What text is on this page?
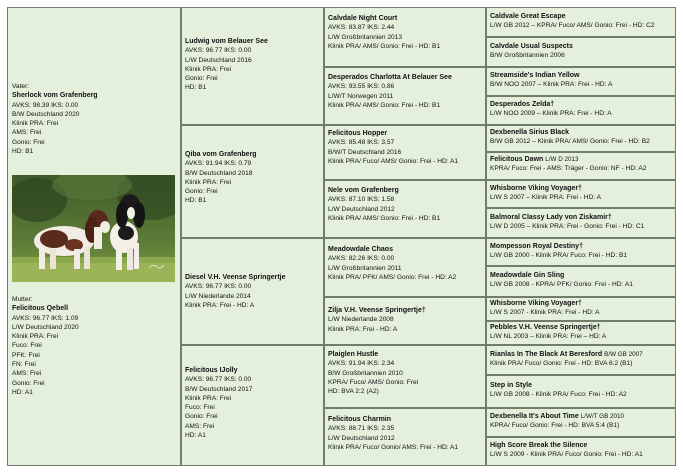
Vater:
Sherlock vom Grafenberg
AVKS: 98.39 IKS: 0.00
B/W Deutschland 2020
Klinik PRA: Frei
AMS: Frei
Gonio: Frei
HD: B1
Mutter:
Felicitous Qebell
AVKS: 96.77 IKS: 1.09
L/W Deutschland 2020
Klinik PRA: Frei
Fuco: Frei
PFK: Frei
FN: Frei
AMS: Frei
Gonio: Frei
HD: A1
Ludwig vom Belauer See
AVKS: 96.77 IKS: 0.00
L/W Deutschland 2016
Klinik PRA: Frei
Gonio: Frei
HD: B1
Qiba vom Grafenberg
AVKS: 91.94 IKS: 0.79
B/W Deutschland 2018
Klinik PRA: Frei
Gonio: Frei
HD: B1
Diesel V.H. Veense Springertje
AVKS: 96.77 IKS: 0.00
L/W Niederlande 2014
Klinik PRA: Frei - HD: A
Felicitous IJolly
AVKS: 96.77 IKS: 0.00
B/W Deutschland 2017
Klinik PRA: Frei
Fuco: Frei
Gonio: Frei
AMS: Frei
HD: A1
Calvdale Night Court
AVKS: 83.87 IKS: 2.44
L/W Großbritannien 2013
Klinik PRA/ AMS/ Gonio: Frei - HD: B1
Desperados Charlotta At Belauer See
AVKS: 93.55 IKS: 0.86
L/W/T Norwegen 2011
Klinik PRA/ AMS/ Gonio: Frei - HD: B1
Felicitous Hopper
AVKS: 85.48 IKS: 3.57
B/W/T Deutschland 2016
Klinik PRA/ Fuco/ AMS/ Gonio: Frei - HD: A1
Nele vom Grafenberg
AVKS: 87.10 IKS: 1.58
L/W Deutschland 2012
Klinik PRA/ AMS/ Gonio: Frei - HD: B1
Meadowdale Chaos
AVKS: 82.26 IKS: 0.00
L/W Großbritannien 2011
Klinik PRA/ PFK/ AMS/ Gonio: Frei - HD: A2
Zilja V.H. Veense Springertje†
L/W Niederlande 2008
Klinik PRA: Frei - HD: A
Plaiglen Hustle
AVKS: 91.94 IKS: 2.34
B/W Großbritannien 2010
KPRA/ Fuco/ AMS/ Gonio: Frei
HD: BVA 2:2 (A2)
Felicitous Charmin
AVKS: 88.71 IKS: 2.35
L/W Deutschland 2012
Klinik PRA/ Fuco/ Gonio/ AMS: Frei - HD: A1
Caldvale Great Escape
L/W GB 2012 – KPRA/ Fuco/ AMS/ Gonio: Frei - HD: C2
Calvdale Usual Suspects
B/W Großbritannien 2006
Streamside's Indian Yellow
B/W NOO 2007 – Klinik PRA: Frei - HD: A
Desperados Zelda†
L/W NOO 2009 – Klinik PRA: Frei - HD: A
Dexbenella Sirius Black
B/W GB 2012 – Klinik PRA/ AMS/ Gonio: Frei - HD: B2
Felicitous Dawn L/W D 2013
KPRA/ Fuco: Frei - AMS: Träger - Gonio: NF - HD: A2
Whisborne Viking Voyager†
L/W S 2007 – Klinik PRA: Frei - HD: A
Balmoral Classy Lady von Ziskamir†
L/W D 2005 – Klinik PRA: Frei - Gonio: Frei - HD: C1
Mompesson Royal Destiny†
L/W GB 2000 - Klinik PRA/ Fuco: Frei - HD: B1
Meadowdale Gin Sling
L/W GB 2008 - KPRA/ PFK/ Gonio: Frei - HD: A1
Whisborne Viking Voyager†
L/W S 2007 - Klinik PRA: Frei - HD: A
Pebbles V.H. Veense Springertje†
L/W NL 2003 – Klinik PRA: Frei – HD: A
Rianlas In The Black At Beresford B/W GB 2007
Klinik PRA/ Fuco/ Gonio: Frei - HD: BVA 6:2 (B1)
Step in Style
L/W GB 2008 - Klinik PRA/ Fuco: Frei - HD: A2
Dexbenella It's About Time L/W/T GB 2010
KPRA/ Fuco/ Gonio: Frei - HD: BVA 5:4 (B1)
High Score Break the Silence
L/W S 2009 - Klinik PRA/ Fuco/ Gonio: Frei - HD: A1
